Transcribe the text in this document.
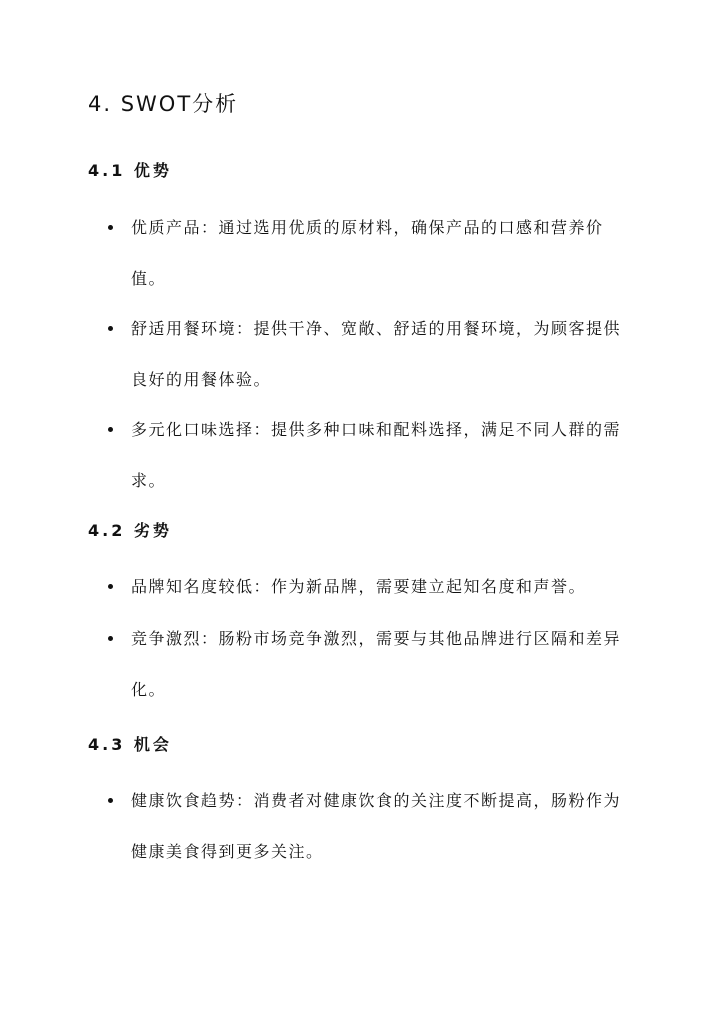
4. SWOT分析
4.1 优势
优质产品：通过选用优质的原材料，确保产品的口感和营养价值。
舒适用餐环境：提供干净、宽敞、舒适的用餐环境，为顾客提供良好的用餐体验。
多元化口味选择：提供多种口味和配料选择，满足不同人群的需求。
4.2 劣势
品牌知名度较低：作为新品牌，需要建立起知名度和声誉。
竞争激烈：肠粉市场竞争激烈，需要与其他品牌进行区隔和差异化。
4.3 机会
健康饮食趋势：消费者对健康饮食的关注度不断提高，肠粉作为健康美食得到更多关注。
